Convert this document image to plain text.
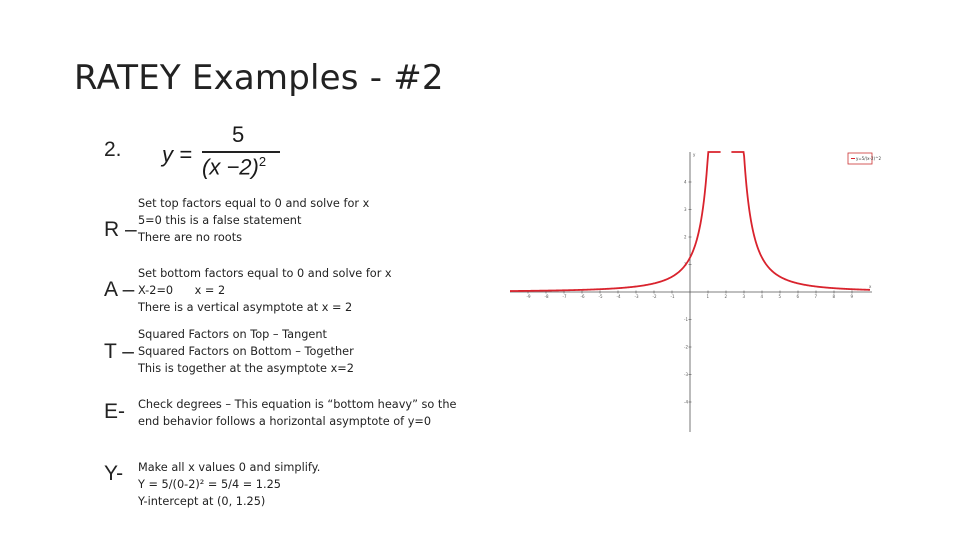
RATEY Examples - #2
2. y =
5
$(x -2)^2$
R –
Set top factors equal to 0 and solve for x
5=0 this is a false statement
There are no roots
A –
Set bottom factors equal to 0 and solve for x
X-2=0      x = 2
There is a vertical asymptote at x = 2
T –
Squared Factors on Top – Tangent
Squared Factors on Bottom – Together
This is together at the asymptote x=2
E- Check degrees – This equation is “bottom heavy” so the
end behavior follows a horizontal asymptote of y=0
Y- Make all x values 0 and simplify.
Y = 5/(0-2)² = 5/4 = 1.25
Y-intercept at (0, 1.25)
x
y
-9	-8	-7	-6	-5	-4	-3	-2	-1	1	2	3	4	5	6	7	8	9
-4
-3
-2
-1
1
2
3
4
y=5/(x-2)^2
